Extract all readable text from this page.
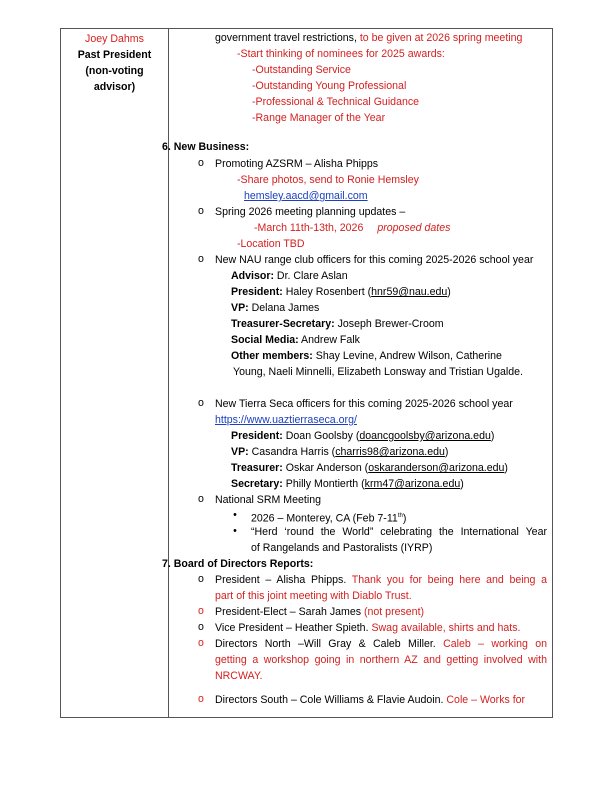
Joey Dahms
Past President
(non-voting
advisor)
government travel restrictions, to be given at 2026 spring meeting
-Start thinking of nominees for 2025 awards:
-Outstanding Service
-Outstanding Young Professional
-Professional & Technical Guidance
-Range Manager of the Year
6. New Business:
o Promoting AZSRM – Alisha Phipps
-Share photos, send to Ronie Hemsley
hemsley.aacd@gmail.com
o Spring 2026 meeting planning updates –
-March 11th-13th, 2026 proposed dates
-Location TBD
o New NAU range club officers for this coming 2025-2026 school year
Advisor: Dr. Clare Aslan
President: Haley Rosenbert (hnr59@nau.edu)
VP: Delana James
Treasurer-Secretary: Joseph Brewer-Croom
Social Media: Andrew Falk
Other members: Shay Levine, Andrew Wilson, Catherine
Young, Naeli Minnelli, Elizabeth Lonsway and Tristian Ugalde.
o New Tierra Seca officers for this coming 2025-2026 school year
https://www.uaztierraseca.org/
President: Doan Goolsby (doancgoolsby@arizona.edu)
VP: Casandra Harris (charris98@arizona.edu)
Treasurer: Oskar Anderson (oskaranderson@arizona.edu)
Secretary: Philly Montierth (krm47@arizona.edu)
o National SRM Meeting
• 2026 – Monterey, CA (Feb 7-11th)
• “Herd ‘round the World” celebrating the International Year
of Rangelands and Pastoralists (IYRP)
7. Board of Directors Reports:
o President – Alisha Phipps. Thank you for being here and being a
part of this joint meeting with Diablo Trust.
o President-Elect – Sarah James (not present)
o Vice President – Heather Spieth. Swag available, shirts and hats.
o Directors North –Will Gray & Caleb Miller. Caleb – working on
getting a workshop going in northern AZ and getting involved with
NRCWAY.
o Directors South – Cole Williams & Flavie Audoin. Cole – Works for
